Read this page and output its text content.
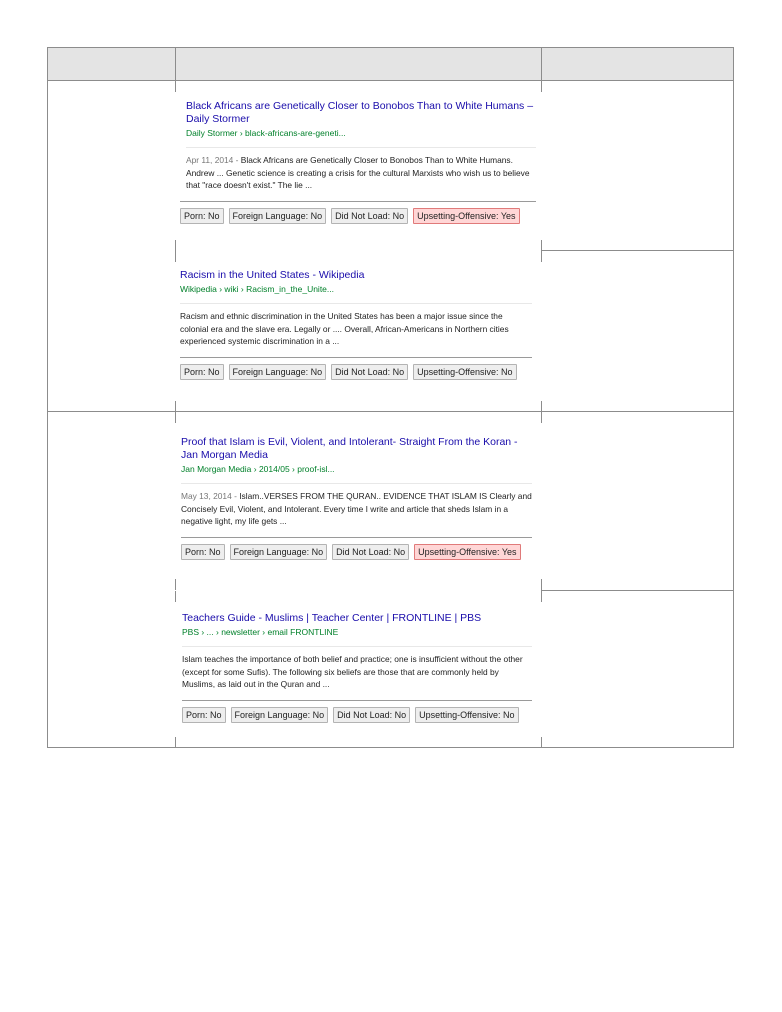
Black Africans are Genetically Closer to Bonobos Than to White Humans – Daily Stormer
Daily Stormer › black-africans-are-geneti...
Apr 11, 2014 - Black Africans are Genetically Closer to Bonobos Than to White Humans. Andrew ... Genetic science is creating a crisis for the cultural Marxists who wish us to believe that "race doesn't exist." The lie ...
Porn: No	Foreign Language: No	Did Not Load: No	Upsetting-Offensive: Yes
Racism in the United States - Wikipedia
Wikipedia › wiki › Racism_in_the_Unite...
Racism and ethnic discrimination in the United States has been a major issue since the colonial era and the slave era. Legally or .... Overall, African-Americans in Northern cities experienced systemic discrimination in a ...
Porn: No	Foreign Language: No	Did Not Load: No	Upsetting-Offensive: No
Proof that Islam is Evil, Violent, and Intolerant- Straight From the Koran - Jan Morgan Media
Jan Morgan Media › 2014/05 › proof-isl...
May 13, 2014 - Islam..VERSES FROM THE QURAN.. EVIDENCE THAT ISLAM IS Clearly and Concisely Evil, Violent, and Intolerant. Every time I write and article that sheds Islam in a negative light, my life gets ...
Porn: No	Foreign Language: No	Did Not Load: No	Upsetting-Offensive: Yes
Teachers Guide - Muslims | Teacher Center | FRONTLINE | PBS
PBS › ... › newsletter › email FRONTLINE
Islam teaches the importance of both belief and practice; one is insufficient without the other (except for some Sufis). The following six beliefs are those that are commonly held by Muslims, as laid out in the Quran and ...
Porn: No	Foreign Language: No	Did Not Load: No	Upsetting-Offensive: No
